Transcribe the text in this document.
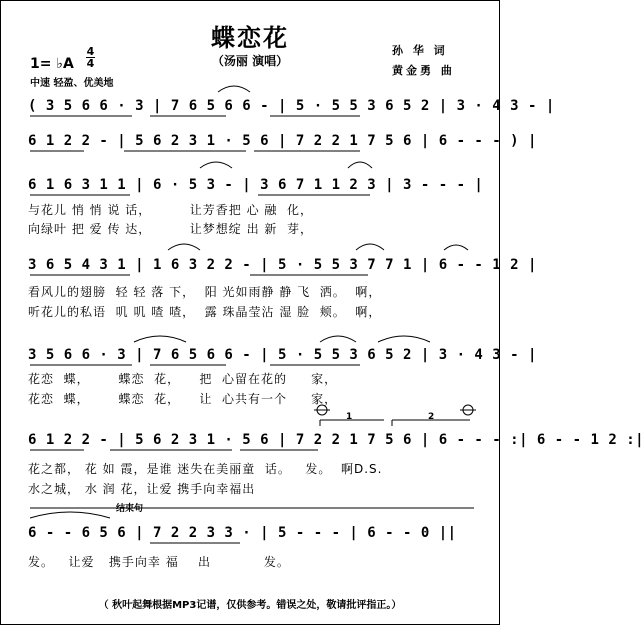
蝶恋花
（汤丽 演唱）
1= ♭A
4
4
中速 轻盈、优美地
孙 华 词
黄金勇 曲
( 3 5 6 6 · 3 | 7 6 5 6 6 - | 5 · 5 5 3 6 5 2 | 3 · 4 3 - |
6 1 2 2 - | 5 6 2 3 1 · 5 6 | 7 2 2 1 7 5 6 | 6 - - - ) |
6 1 6 3 1 1 | 6 · 5 3 - | 3 6 7 1 1 2 3 | 3 - - - |
与花儿 悄 悄 说 话，        让芳香把 心 融  化，
向绿叶 把 爱 传 达，        让梦想绽 出 新  芽，
3 6 5 4 3 1 | 1 6 3 2 2 - | 5 · 5 5 3 7 7 1 | 6 - - 1 2 |
看风儿的翅膀  轻 轻 落 下，  阳 光如雨静 静 飞  洒。  啊，
听花儿的私语  叽 叽 喳 喳，  露 珠晶莹沾 湿 脸  颊。  啊，
3 5 6 6 · 3 | 7 6 5 6 6 - | 5 · 5 5 3 6 5 2 | 3 · 4 3 - |
花恋  蝶，      蝶恋  花，    把  心留在花的     家，
花恋  蝶，      蝶恋  花，    让  心共有一个     家，
1	2
6 1 2 2 - | 5 6 2 3 1 · 5 6 | 7 2 2 1 7 5 6 | 6 - - - :| 6 - - 1 2 :|
花之都， 花 如 霞，是谁 迷失在美丽童  话。   发。  啊D.S.
水之城， 水 润 花，让爱 携手向幸福出
结束句
6 - - 6 5 6 | 7 2 2 3 3 · | 5 - - - | 6 - - 0 ||
发。   让爱   携手向幸 福    出           发。
（ 秋叶起舞根据MP3记谱，仅供参考。错误之处，敬请批评指正。）
